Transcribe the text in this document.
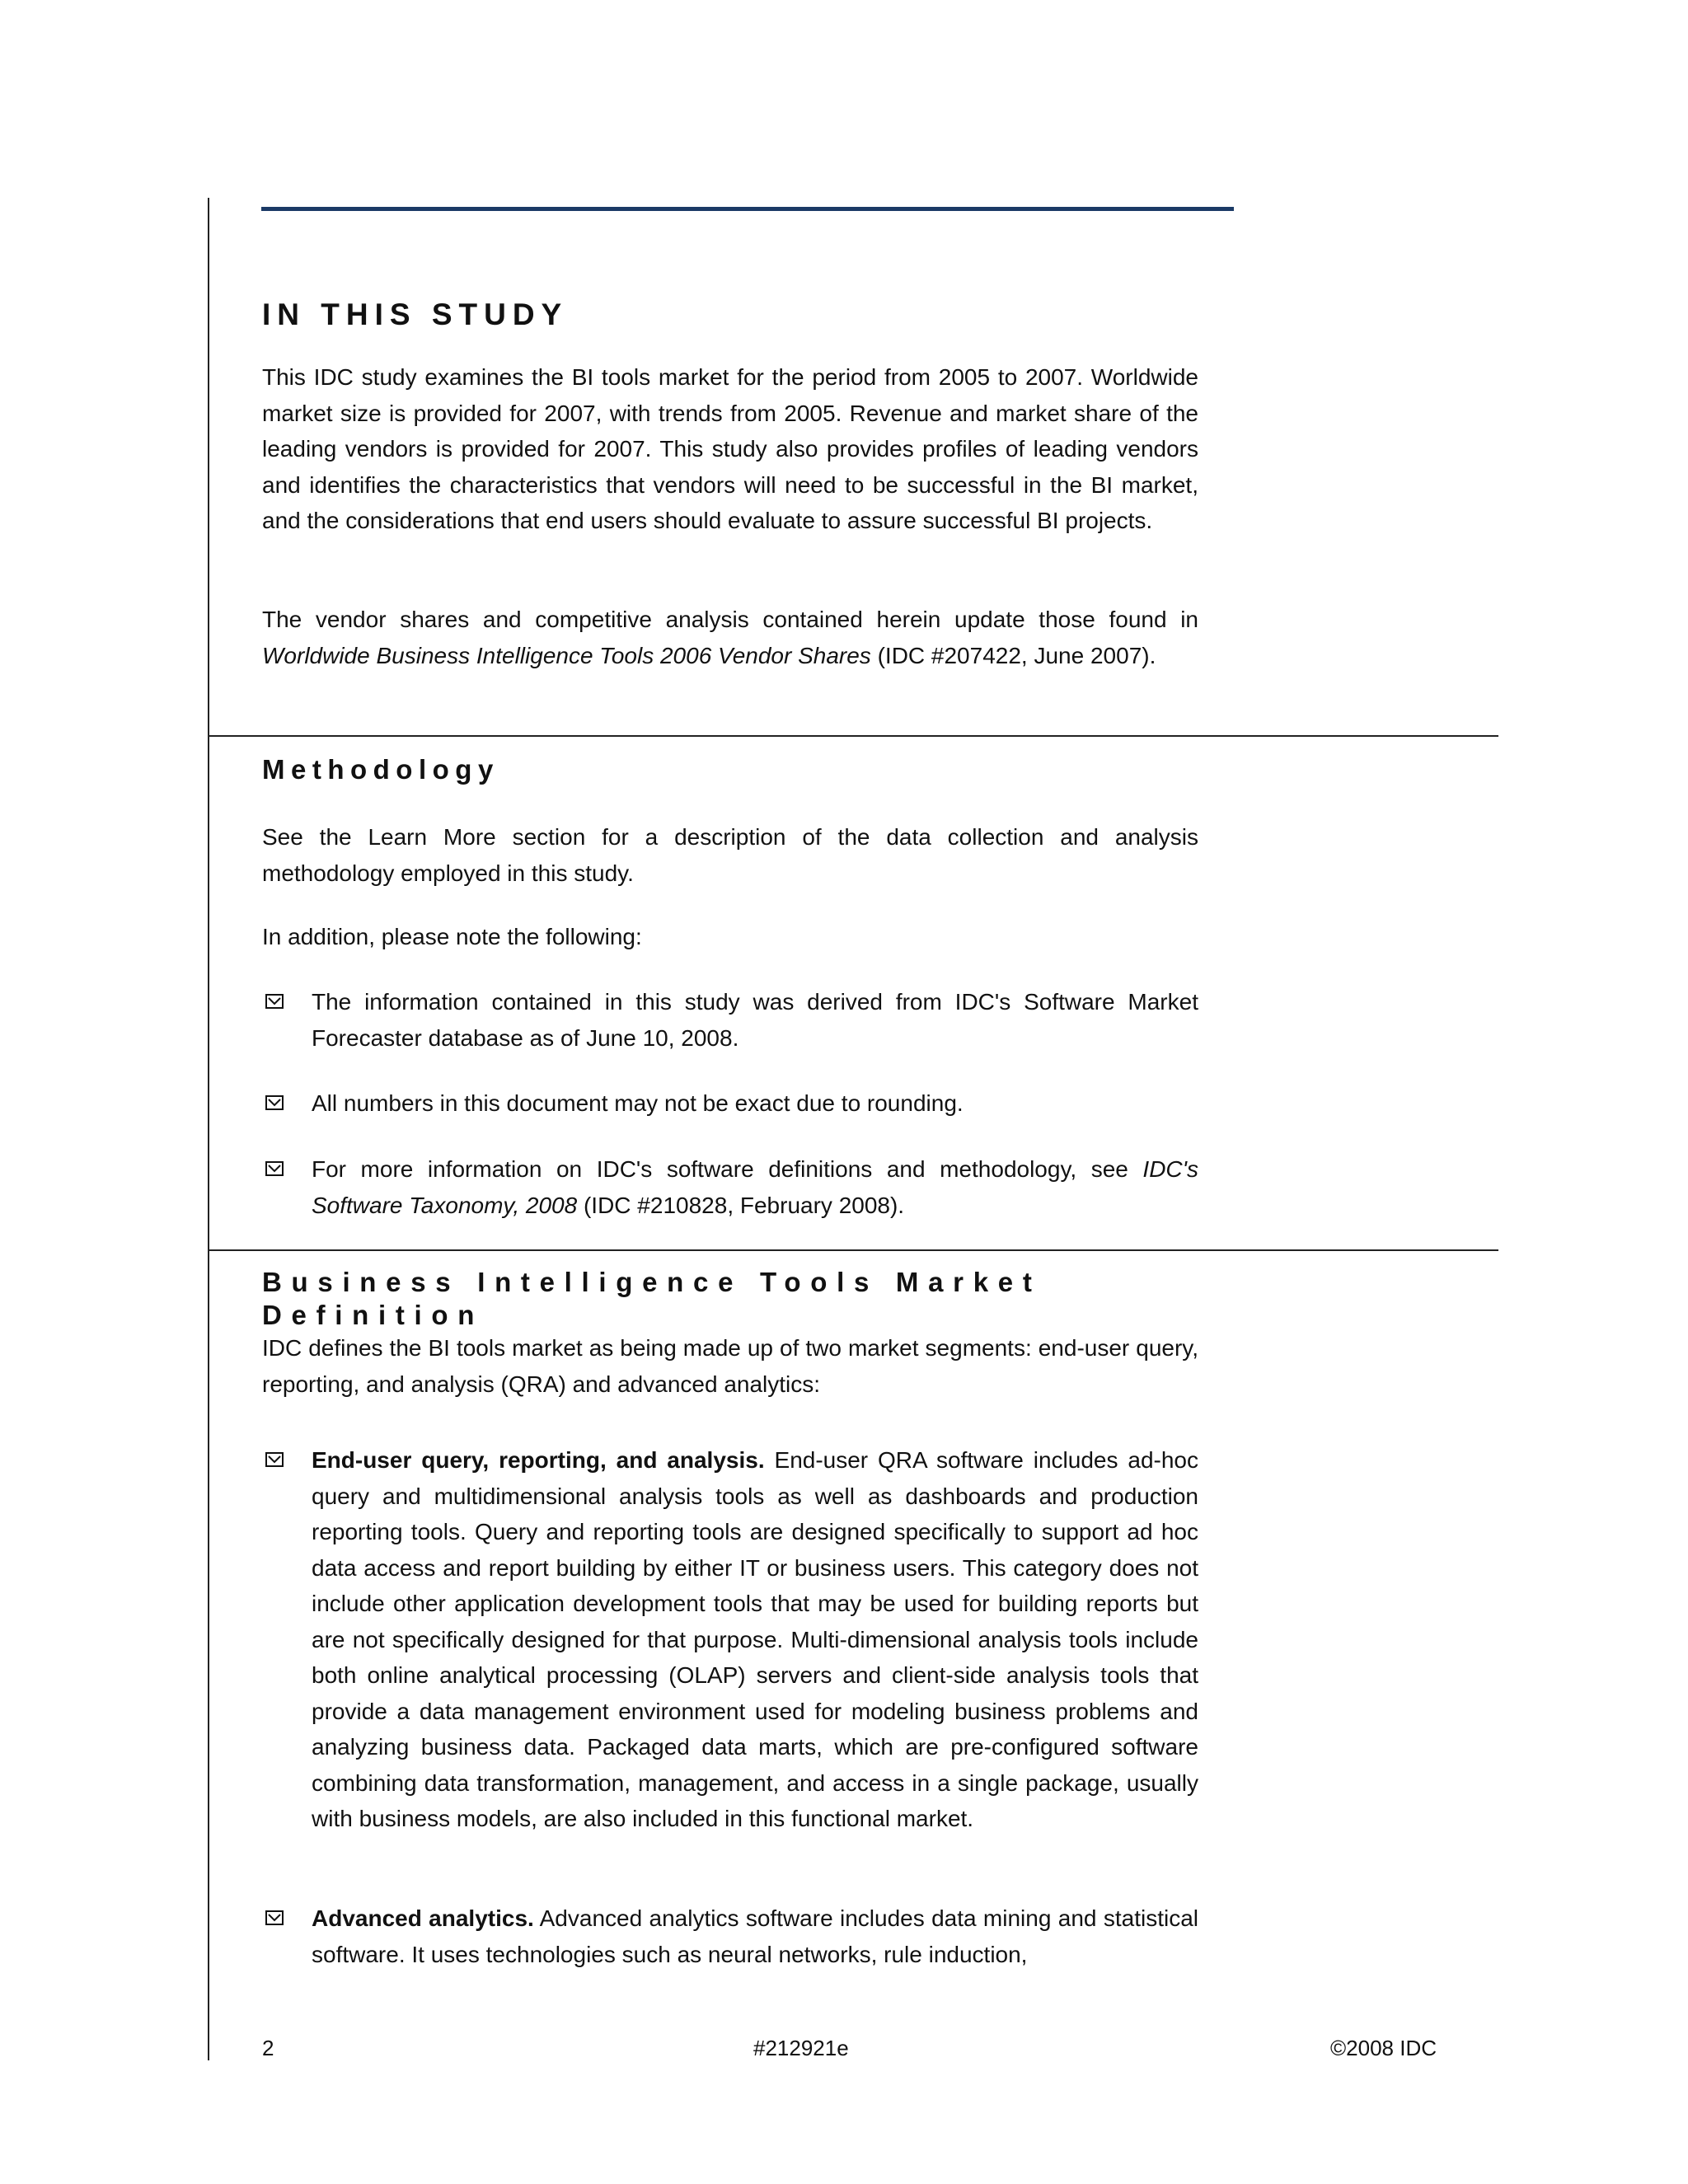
IN THIS STUDY

This IDC study examines the BI tools market for the period from 2005 to 2007. Worldwide market size is provided for 2007, with trends from 2005. Revenue and market share of the leading vendors is provided for 2007. This study also provides profiles of leading vendors and identifies the characteristics that vendors will need to be successful in the BI market, and the considerations that end users should evaluate to assure successful BI projects.

The vendor shares and competitive analysis contained herein update those found in Worldwide Business Intelligence Tools 2006 Vendor Shares (IDC #207422, June 2007).

Methodology

See the Learn More section for a description of the data collection and analysis methodology employed in this study.

In addition, please note the following:

The information contained in this study was derived from IDC's Software Market Forecaster database as of June 10, 2008.

All numbers in this document may not be exact due to rounding.

For more information on IDC's software definitions and methodology, see IDC's Software Taxonomy, 2008 (IDC #210828, February 2008).

Business Intelligence Tools Market Definition

IDC defines the BI tools market as being made up of two market segments: end-user query, reporting, and analysis (QRA) and advanced analytics:

End-user query, reporting, and analysis. End-user QRA software includes ad-hoc query and multidimensional analysis tools as well as dashboards and production reporting tools. Query and reporting tools are designed specifically to support ad hoc data access and report building by either IT or business users. This category does not include other application development tools that may be used for building reports but are not specifically designed for that purpose. Multi-dimensional analysis tools include both online analytical processing (OLAP) servers and client-side analysis tools that provide a data management environment used for modeling business problems and analyzing business data. Packaged data marts, which are pre-configured software combining data transformation, management, and access in a single package, usually with business models, are also included in this functional market.

Advanced analytics. Advanced analytics software includes data mining and statistical software. It uses technologies such as neural networks, rule induction,

2	#212921e	©2008 IDC
